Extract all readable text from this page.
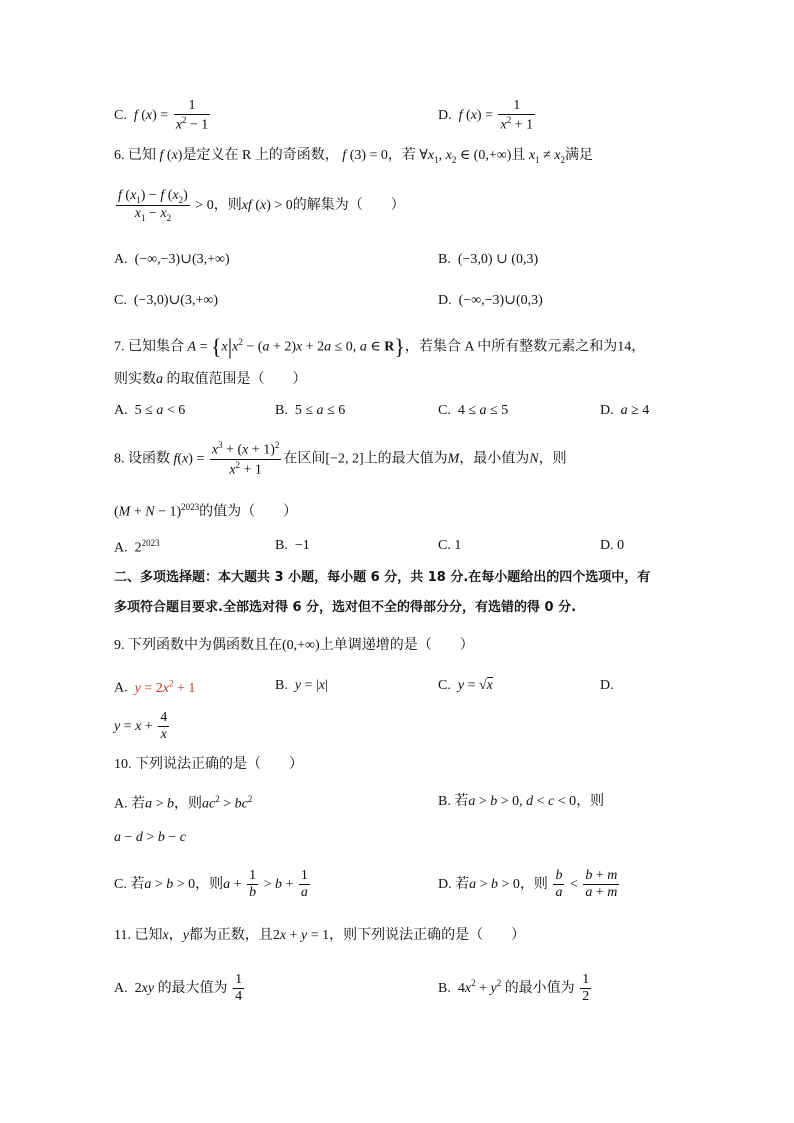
C. f $(x) = \frac{1}{x^2 - 1}$	D. f $(x) = \frac{1}{x^2 + 1}$
6. 已知 f (x)是定义在 R 上的奇函数， f (3) = 0，若 $\forall x_1$, $x_2$ ∈ (0,+∞)且 $x_1 \ne x_2$满足
$\frac{f (x_1) - f (x_2)}{x_1 - x_2} > 0$，则xf (x) > 0的解集为（　　）
A.  (−∞,−3)∪(3,+∞)	B.  (−3,0) ∪ (0,3)
C.  (−3,0)∪(3,+∞)	D.  (−∞,−3)∪(0,3)
7. 已知集合 $A = \{x|x^2 - (a + 2)x + 2a \le 0$, a ∈ R}，若集合 A 中所有整数元素之和为14，
则实数a 的取值范围是（　　）
A.  5 ≤ a < 6	B.  5 ≤ a ≤ 6	C.  4 ≤ a ≤ 5	D. a ≥ 4
8. 设函数 $f(x) = \frac{x^3 + (x + 1)^2}{x^2 + 1}$ 在区间[−2, 2]上的最大值为M，最小值为N，则
$(M + N - 1)^{2023}$的值为（　　）
A.  $2^{2023}$	B. −1	C. 1	D. 0
二、多项选择题：本大题共 3 小题，每小题 6 分，共 18 分.在每小题给出的四个选项中，有
多项符合题目要求.全部选对得 6 分，选对但不全的得部分分，有选错的得 0 分.
9. 下列函数中为偶函数且在(0,+∞)上单调递增的是（　　）
A. $y = 2x^2 + 1$	B. y = |x|	C. y = √x	D.
$y = x + \frac{4}{x}$
10. 下列说法正确的是（　　）
A. 若a > b，则$ac^2 > bc^2$	B. 若a > b > 0, d < c < 0，则
a − d > b − c
C. 若a > b > 0，则$a + \frac{1}{b} > b + \frac{1}{a}$	D. 若a > b > 0，则 $\frac{b}{a} < \frac{b + m}{a + m}$
11. 已知x，y都为正数，且2x + y = 1，则下列说法正确的是（　　）
A.  2xy 的最大值为 $\frac{1}{4}$	B.  $4x^2 + y^2$ 的最小值为 $\frac{1}{2}$
